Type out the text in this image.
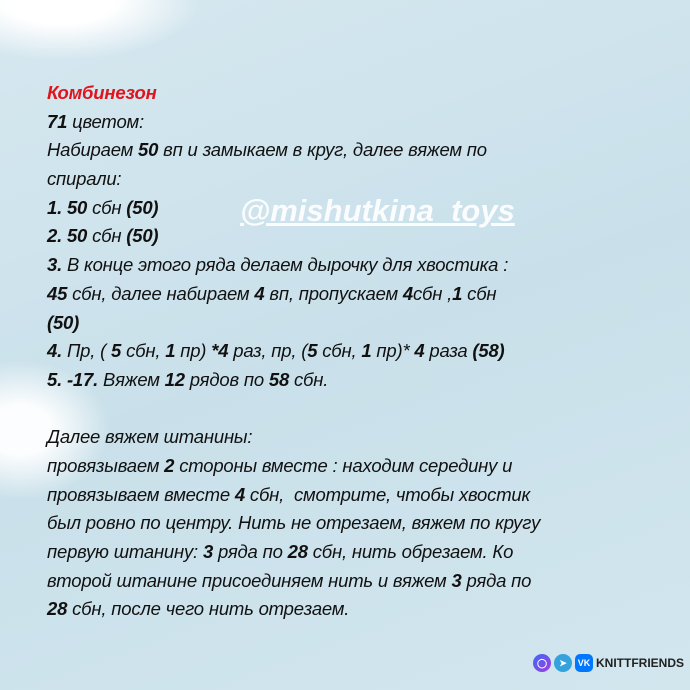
Комбинезон
71 цветом:
Набираем 50 вп и замыкаем в круг, далее вяжем по
спирали:
1. 50 сбн (50)
2. 50 сбн (50)
3. В конце этого ряда делаем дырочку для хвостика :
45 сбн, далее набираем 4 вп, пропускаем 4сбн ,1 сбн
(50)
4. Пр, ( 5 сбн, 1 пр) *4 раз, пр, (5 сбн, 1 пр)* 4 раза (58)
5. -17. Вяжем 12 рядов по 58 сбн.
Далее вяжем штанины:
провязываем 2 стороны вместе : находим середину и
провязываем вместе 4 сбн,  смотрите, чтобы хвостик
был ровно по центру. Нить не отрезаем, вяжем по кругу
первую штанину: 3 ряда по 28 сбн, нить обрезаем. Ко
второй штанине присоединяем нить и вяжем 3 ряда по
28 сбн, после чего нить отрезаем.
@mishutkina_toys
◯	➤	VK KNITTFRIENDS
